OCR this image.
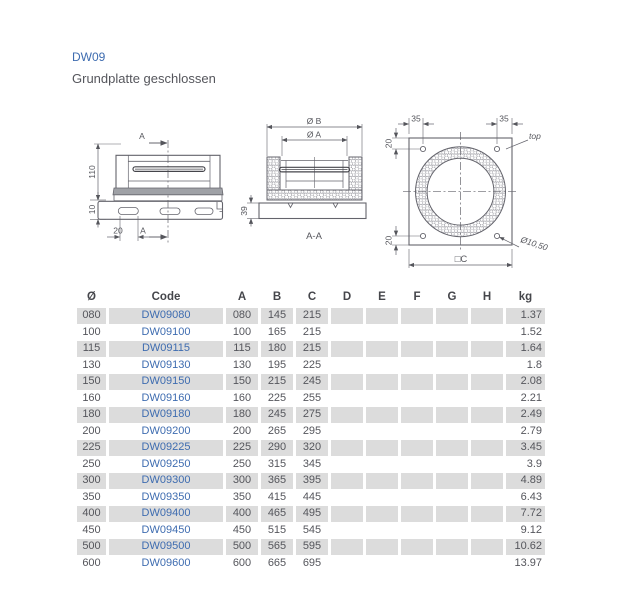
DW09
Grundplatte geschlossen
A
A
110
10
20
Ø B
Ø A
39
A-A
35	35
20
20	Ø10,50
□C
top
Ø	Code	A	B	C	D	E	F	G	H	kg
080	DW09080	080	145	215						1.37
100	DW09100	100	165	215						1.52
115	DW09115	115	180	215						1.64
130	DW09130	130	195	225						1.8
150	DW09150	150	215	245						2.08
160	DW09160	160	225	255						2.21
180	DW09180	180	245	275						2.49
200	DW09200	200	265	295						2.79
225	DW09225	225	290	320						3.45
250	DW09250	250	315	345						3.9
300	DW09300	300	365	395						4.89
350	DW09350	350	415	445						6.43
400	DW09400	400	465	495						7.72
450	DW09450	450	515	545						9.12
500	DW09500	500	565	595						10.62
600	DW09600	600	665	695						13.97
